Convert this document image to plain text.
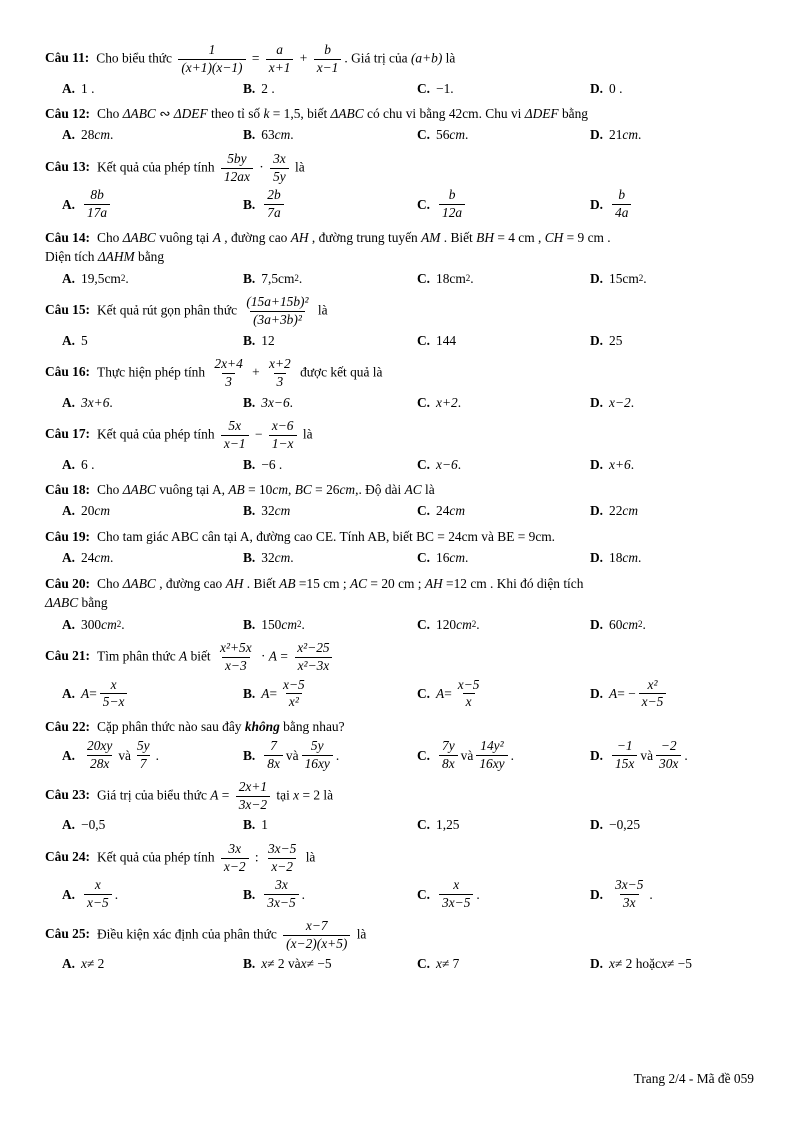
Câu 11: Cho biểu thức $\frac{1}{(x+1)(x-1)} = \frac{a}{x+1} + \frac{b}{x-1}$ . Giá trị của (a+b) là
A. 1 .	B. 2 .	C. −1.	D. 0 .
Câu 12: Cho ΔABC ∾ ΔDEF theo tỉ số k = 1,5, biết ΔABC có chu vi bằng 42cm. Chu vi ΔDEF bằng
A. 28 cm .	B. 63 cm .	C. 56 cm .	D. 21 cm .
Câu 13: Kết quả của phép tính $\frac{5by}{12ax} \cdot \frac{3x}{5y}$ là
A. $\frac{8b}{17a}$	B. $\frac{2b}{7a}$	C. $\frac{b}{12a}$	D. $\frac{b}{4a}$
Câu 14: Cho ΔABC vuông tại A , đường cao AH , đường trung tuyến AM . Biết BH = 4 cm , CH = 9 cm .
Diện tích ΔAHM bằng
A. 19,5cm 2 .	B. 7,5cm 2 .	C. 18cm 2 .	D. 15cm 2 .
Câu 15: Kết quả rút gọn phân thức $\frac{\text{(15a+15b)²}}{\text{(3a+3b)²}}$ là
A. 5	B. 12	C. 144	D. 25
Câu 16: Thực hiện phép tính $\frac{2x+4}{3} + \frac{x+2}{3}$ được kết quả là
A. 3x+6 .	B. 3x−6 .	C. x+2 .	D. x−2 .
Câu 17: Kết quả của phép tính $\frac{5x}{x-1} - \frac{x-6}{1-x}$ là
A. 6 .	B. −6 .	C. x−6 .	D. x+6 .
Câu 18: Cho ΔABC vuông tại A, AB = 10cm, BC = 26cm,. Độ dài AC là
A. 20 cm	B. 32 cm	C. 24 cm	D. 22 cm
Câu 19: Cho tam giác ABC cân tại A, đường cao CE. Tính AB, biết BC = 24cm và BE = 9cm.
A. 24 cm .	B. 32 cm .	C. 16 cm .	D. 18 cm .
Câu 20: Cho ΔABC , đường cao AH . Biết AB =15 cm ; AC = 20 cm ; AH =12 cm . Khi đó diện tích
ΔABC bằng
A. 300 cm 2 .	B. 150 cm 2 .	C. 120 cm 2 .	D. 60 cm 2 .
Câu 21: Tìm phân thức A biết $\frac{\text{x²+5x}}{x-3} \cdot A = \frac{\text{x²−25}}{\text{x²−3x}}$
A. $A = \frac{x}{5-x}$	B. $A = \frac{x-5}{\text{x²}}$	C. $A = \frac{x-5}{x}$	D. A = − $\frac{\text{x²}}{x-5}$
Câu 22: Cặp phân thức nào sau đây không bằng nhau?
A. $\frac{20xy}{28x}$ và $\frac{5y}{7}$ .	B. $\frac{7}{8x}$ và $\frac{5y}{16xy}$ .	C. $\frac{7y}{8x}$ và $\frac{\text{14y²}}{16xy}$ .	D. $\frac{-1}{15x}$ và $\frac{-2}{30x}$ .
Câu 23: Giá trị của biểu thức $A = \frac{2x+1}{3x-2}$ tại x = 2 là
A. −0,5	B. 1	C. 1,25	D. −0,25
Câu 24: Kết quả của phép tính $\frac{3x}{x-2}$ : $\frac{3x-5}{x-2}$ là
A. $\frac{x}{x-5}$ .	B. $\frac{3x}{3x-5}$ .	C. $\frac{x}{3x-5}$ .	D. $\frac{3x-5}{3x}$ .
Câu 25: Điều kiện xác định của phân thức $\frac{x-7}{(x-2)(x+5)}$ là
A. x ≠ 2	B. x ≠ 2 và x ≠ −5	C. x ≠ 7	D. x ≠ 2 hoặc x ≠ −5
Trang 2/4 - Mã đề 059
